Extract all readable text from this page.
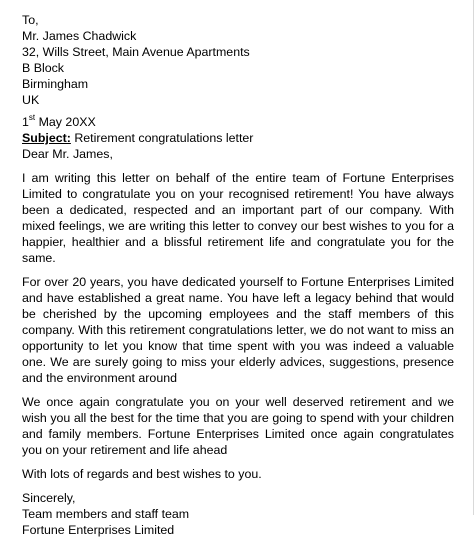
To,
Mr. James Chadwick
32, Wills Street, Main Avenue Apartments
B Block
Birmingham
UK
1st May 20XX
Subject: Retirement congratulations letter
Dear Mr. James,

I am writing this letter on behalf of the entire team of Fortune Enterprises Limited to congratulate you on your recognised retirement! You have always been a dedicated, respected and an important part of our company. With mixed feelings, we are writing this letter to convey our best wishes to you for a happier, healthier and a blissful retirement life and congratulate you for the same.

For over 20 years, you have dedicated yourself to Fortune Enterprises Limited and have established a great name. You have left a legacy behind that would be cherished by the upcoming employees and the staff members of this company. With this retirement congratulations letter, we do not want to miss an opportunity to let you know that time spent with you was indeed a valuable one. We are surely going to miss your elderly advices, suggestions, presence and the environment around

We once again congratulate you on your well deserved retirement and we wish you all the best for the time that you are going to spend with your children and family members. Fortune Enterprises Limited once again congratulates you on your retirement and life ahead

With lots of regards and best wishes to you.

Sincerely,
Team members and staff team
Fortune Enterprises Limited
